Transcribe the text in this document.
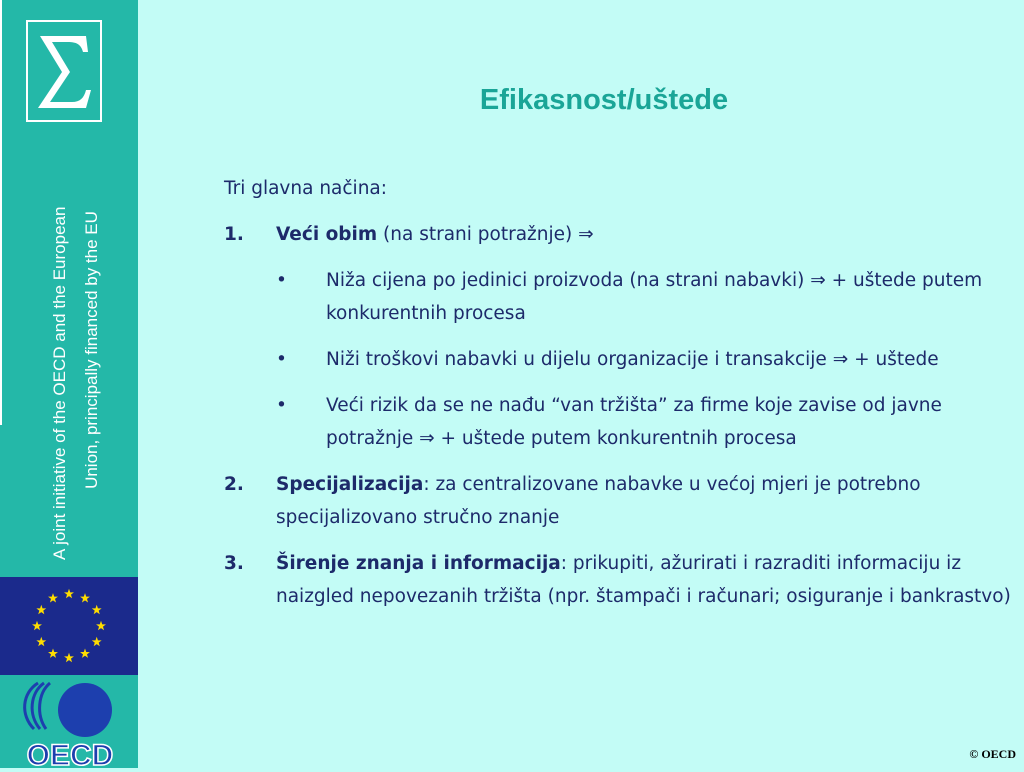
A joint initiative of the OECD and the European Union, principally financed by the EU
OECD
Efikasnost/uštede
Tri glavna načina:
1. Veći obim (na strani potražnje) ⇒
• Niža cijena po jedinici proizvoda (na strani nabavki) ⇒ + uštede putem konkurentnih procesa
• Niži troškovi nabavki u dijelu organizacije i transakcije ⇒ + uštede
• Veći rizik da se ne nađu “van tržišta” za firme koje zavise od javne potražnje ⇒ + uštede putem konkurentnih procesa
2. Specijalizacija: za centralizovane nabavke u većoj mjeri je potrebno specijalizovano stručno znanje
3. Širenje znanja i informacija: prikupiti, ažurirati i razraditi informaciju iz naizgled nepovezanih tržišta (npr. štampači i računari; osiguranje i bankrastvo)
© OECD
